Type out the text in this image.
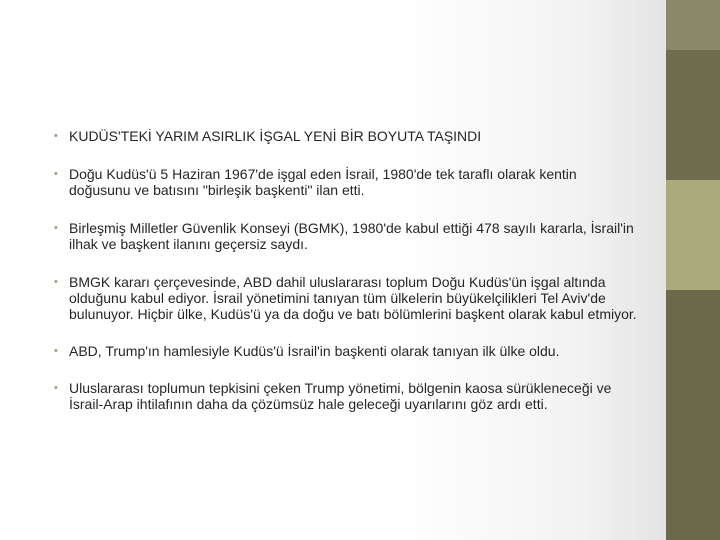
• KUDÜS'TEKİ YARIM ASIRLIK İŞGAL YENİ BİR BOYUTA TAŞINDI
• Doğu Kudüs'ü 5 Haziran 1967'de işgal eden İsrail, 1980'de tek taraflı olarak kentin doğusunu ve batısını "birleşik başkenti" ilan etti.
• Birleşmiş Milletler Güvenlik Konseyi (BGMK), 1980'de kabul ettiği 478 sayılı kararla, İsrail'in ilhak ve başkent ilanını geçersiz saydı.
• BMGK kararı çerçevesinde, ABD dahil uluslararası toplum Doğu Kudüs'ün işgal altında olduğunu kabul ediyor. İsrail yönetimini tanıyan tüm ülkelerin büyükelçilikleri Tel Aviv'de bulunuyor. Hiçbir ülke, Kudüs'ü ya da doğu ve batı bölümlerini başkent olarak kabul etmiyor.
• ABD, Trump'ın hamlesiyle Kudüs'ü İsrail'in başkenti olarak tanıyan ilk ülke oldu.
• Uluslararası toplumun tepkisini çeken Trump yönetimi, bölgenin kaosa sürükleneceği ve İsrail-Arap ihtilafının daha da çözümsüz hale geleceği uyarılarını göz ardı etti.
